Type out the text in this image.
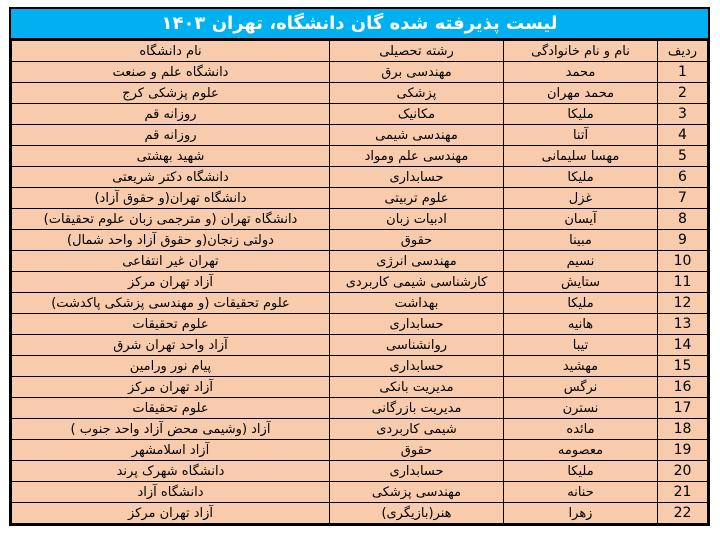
لیست پذیرفته شده گان دانشگاه، تهران ۱۴۰۳
ردیف	نام و نام خانوادگی	رشته تحصیلی	نام دانشگاه
1	محمد	مهندسی برق	دانشگاه علم و صنعت
2	محمد مهران	پزشکی	علوم پزشکی کرج
3	ملیکا	مکانیک	روزانه قم
4	آتنا	مهندسی شیمی	روزانه قم
5	مهسا سلیمانی	مهندسی علم ومواد	شهید بهشتی
6	ملیکا	حسابداری	دانشگاه دکتر شریعتی
7	غزل	علوم تربیتی	دانشگاه تهران(و حقوق آزاد)
8	آیسان	ادبیات زبان	دانشگاه تهران (و مترجمی زبان علوم تحقیقات)
9	مبینا	حقوق	دولتی زنجان(و حقوق آزاد واحد شمال)
10	نسیم	مهندسی انرژی	تهران غیر انتفاعی
11	ستایش	کارشناسی شیمی کاربردی	آزاد تهران مرکز
12	ملیکا	بهداشت	علوم تحقیقات (و مهندسی پزشکی پاکدشت)
13	هانیه	حسابداری	علوم تحقیقات
14	تیبا	روانشناسی	آزاد واحد تهران شرق
15	مهشید	حسابداری	پیام نور ورامین
16	نرگس	مدیریت بانکی	آزاد تهران مرکز
17	نسترن	مدیریت بازرگانی	علوم تحقیقات
18	مائده	شیمی کاربردی	آزاد (وشیمی محض آزاد واحد جنوب )
19	معصومه	حقوق	آزاد اسلامشهر
20	ملیکا	حسابداری	دانشگاه شهرک پرند
21	حنانه	مهندسی پزشکی	دانشگاه آزاد
22	زهرا	هنر(بازیگری)	آزاد تهران مرکز
